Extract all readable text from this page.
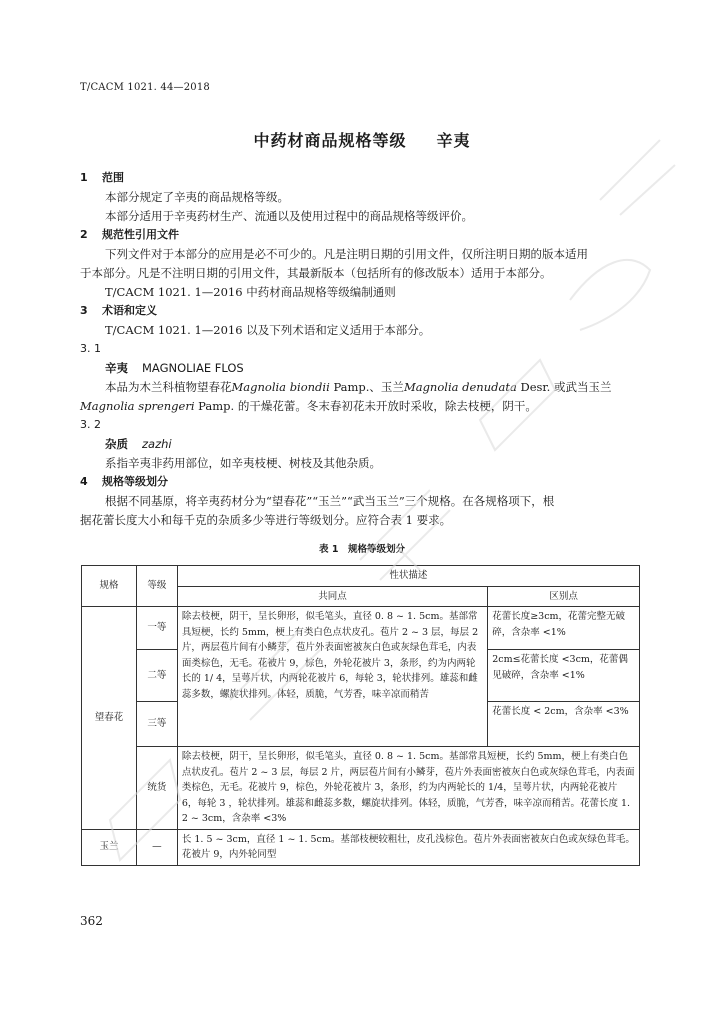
T/CACM 1021. 44—2018
中药材商品规格等级 辛夷
1 范围
本部分规定了辛夷的商品规格等级。
本部分适用于辛夷药材生产、流通以及使用过程中的商品规格等级评价。
2 规范性引用文件
下列文件对于本部分的应用是必不可少的。凡是注明日期的引用文件，仅所注明日期的版本适用
于本部分。凡是不注明日期的引用文件，其最新版本（包括所有的修改版本）适用于本部分。
T/CACM 1021. 1—2016 中药材商品规格等级编制通则
3 术语和定义
T/CACM 1021. 1—2016 以及下列术语和定义适用于本部分。
3. 1
辛夷 MAGNOLIAE FLOS
本品为木兰科植物望春花Magnolia biondii Pamp.、玉兰Magnolia denudata Desr. 或武当玉兰
Magnolia sprengeri Pamp. 的干燥花蕾。冬末春初花未开放时采收，除去枝梗，阴干。
3. 2
杂质 zazhi
系指辛夷非药用部位，如辛夷枝梗、树枝及其他杂质。
4 规格等级划分
根据不同基原，将辛夷药材分为“望春花”“玉兰”“武当玉兰”三个规格。在各规格项下，根
据花蕾长度大小和每千克的杂质多少等进行等级划分。应符合表 1 要求。
表 1　规格等级划分
规格	等级	性状描述	
		共同点	区别点
望春花	一等	除去枝梗，阴干，呈长卵形，似毛笔头，直径 0. 8 ~ 1. 5cm。基部常具短梗，长约 5mm，梗上有类白色点状皮孔。苞片 2 ~ 3 层，每层 2 片，两层苞片间有小鳞芽，苞片外表面密被灰白色或灰绿色茸毛，内表面类棕色，无毛。花被片 9，棕色，外轮花被片 3，条形，约为内两轮长的 1/ 4，呈萼片状，内两轮花被片 6，每轮 3，轮状排列。雄蕊和雌蕊多数，螺旋状排列。体轻，质脆，气芳香，味辛凉而稍苦	花蕾长度≥3cm，花蕾完整无破碎，含杂率 <1%
	二等		2cm≤花蕾长度 <3cm，花蕾偶见破碎，含杂率 <1%
	三等		花蕾长度 < 2cm，含杂率 <3%
	统货	除去枝梗，阴干，呈长卵形，似毛笔头，直径 0. 8 ~ 1. 5cm。基部常具短梗，长约 5mm，梗上有类白色点状皮孔。苞片 2 ~ 3 层，每层 2 片，两层苞片间有小鳞芽，苞片外表面密被灰白色或灰绿色茸毛，内表面类棕色，无毛。花被片 9，棕色，外轮花被片 3，条形，约为内两轮长的 1/4，呈萼片状，内两轮花被片 6，每轮 3 ，轮状排列。雄蕊和雌蕊多数，螺旋状排列。体轻，质脆，气芳香，味辛凉而稍苦。花蕾长度 1. 2 ~ 3cm，含杂率 <3%	
玉兰	—	长 1. 5 ~ 3cm，直径 1 ~ 1. 5cm。基部枝梗较粗壮，皮孔浅棕色。苞片外表面密被灰白色或灰绿色茸毛。花被片 9，内外轮同型	
362
